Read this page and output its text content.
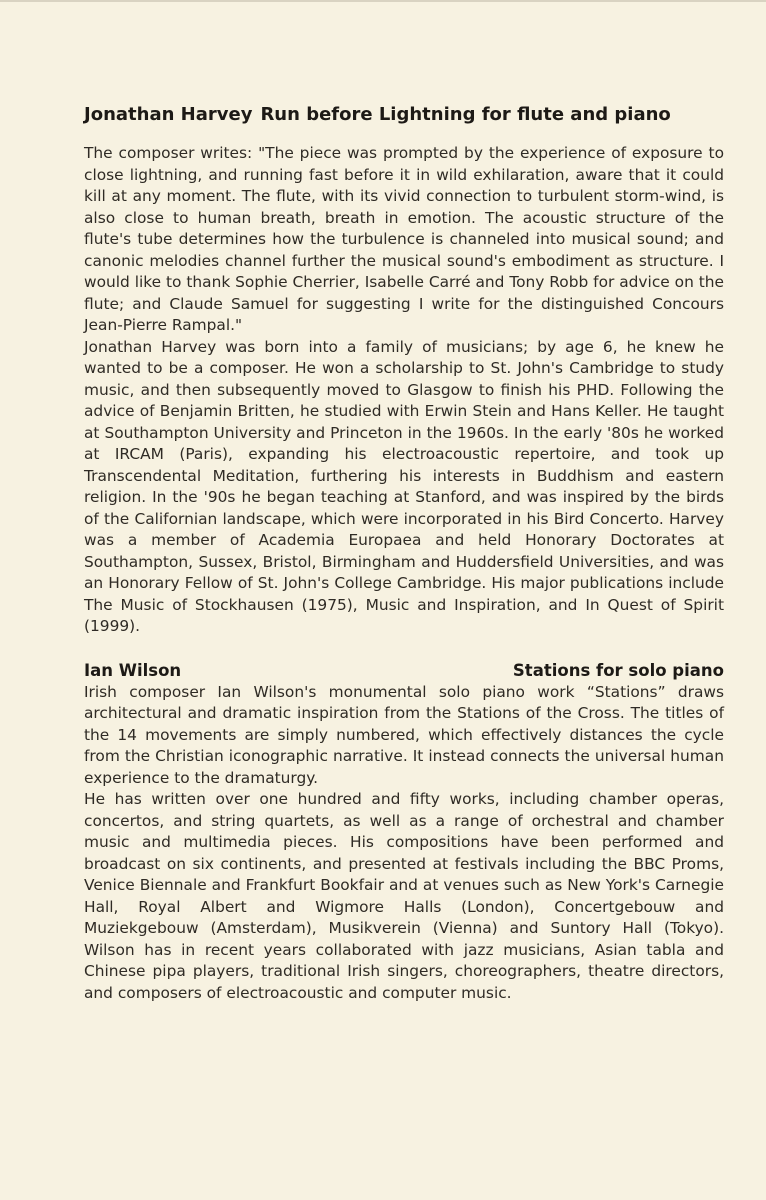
Jonathan Harvey Run before Lightning for flute and piano

The composer writes: "The piece was prompted by the experience of exposure to close lightning, and running fast before it in wild exhilaration, aware that it could kill at any moment. The flute, with its vivid connection to turbulent storm-wind, is also close to human breath, breath in emotion. The acoustic structure of the flute's tube determines how the turbulence is channeled into musical sound; and canonic melodies channel further the musical sound's embodiment as structure. I would like to thank Sophie Cherrier, Isabelle Carré and Tony Robb for advice on the flute; and Claude Samuel for suggesting I write for the distinguished Concours Jean-Pierre Rampal."

Jonathan Harvey was born into a family of musicians; by age 6, he knew he wanted to be a composer. He won a scholarship to St. John's Cambridge to study music, and then subsequently moved to Glasgow to finish his PHD. Following the advice of Benjamin Britten, he studied with Erwin Stein and Hans Keller. He taught at Southampton University and Princeton in the 1960s. In the early '80s he worked at IRCAM (Paris), expanding his electroacoustic repertoire, and took up Transcendental Meditation, furthering his interests in Buddhism and eastern religion. In the '90s he began teaching at Stanford, and was inspired by the birds of the Californian landscape, which were incorporated in his Bird Concerto. Harvey was a member of Academia Europaea and held Honorary Doctorates at Southampton, Sussex, Bristol, Birmingham and Huddersfield Universities, and was an Honorary Fellow of St. John's College Cambridge. His major publications include The Music of Stockhausen (1975), Music and Inspiration, and In Quest of Spirit (1999).

Ian Wilson	Stations for solo piano

Irish composer Ian Wilson's monumental solo piano work “Stations” draws architectural and dramatic inspiration from the Stations of the Cross. The titles of the 14 movements are simply numbered, which effectively distances the cycle from the Christian iconographic narrative. It instead connects the universal human experience to the dramaturgy.

He has written over one hundred and fifty works, including chamber operas, concertos, and string quartets, as well as a range of orchestral and chamber music and multimedia pieces. His compositions have been performed and broadcast on six continents, and presented at festivals including the BBC Proms, Venice Biennale and Frankfurt Bookfair and at venues such as New York's Carnegie Hall, Royal Albert and Wigmore Halls (London), Concertgebouw and Muziekgebouw (Amsterdam), Musikverein (Vienna) and Suntory Hall (Tokyo). Wilson has in recent years collaborated with jazz musicians, Asian tabla and Chinese pipa players, traditional Irish singers, choreographers, theatre directors, and composers of electroacoustic and computer music.
